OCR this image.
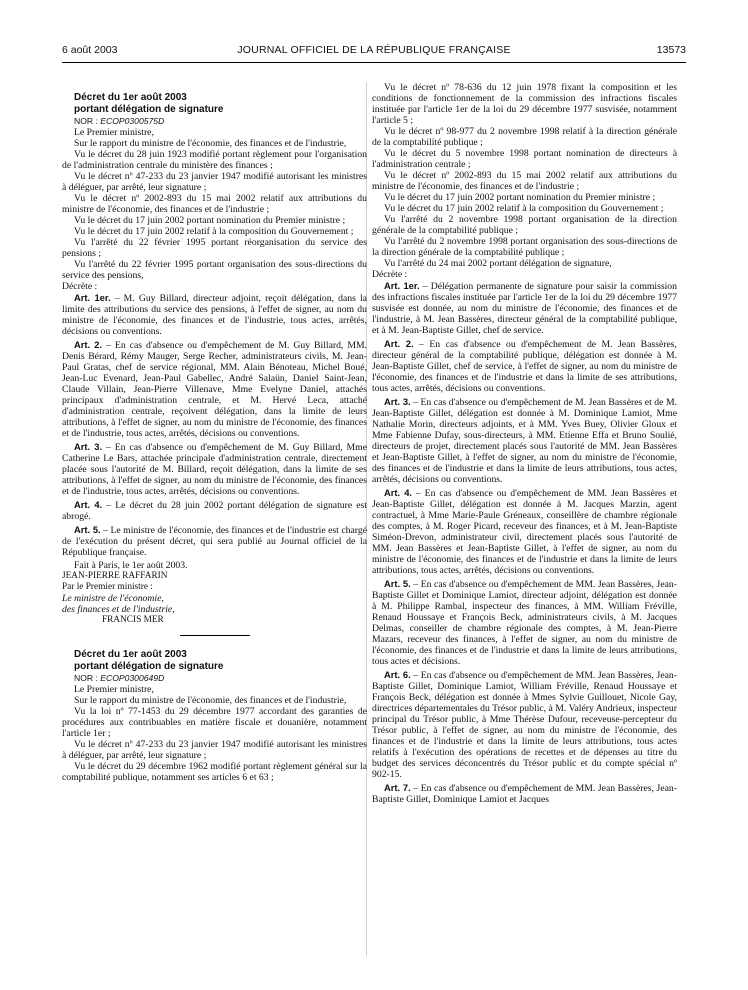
6 août 2003	JOURNAL OFFICIEL DE LA RÉPUBLIQUE FRANÇAISE	13573

Décret du 1er août 2003

portant délégation de signature

NOR : ECOP0300575D

Le Premier ministre,

Sur le rapport du ministre de l'économie, des finances et de l'industrie,

Vu le décret du 28 juin 1923 modifié portant règlement pour l'organisation de l'administration centrale du ministère des finances ;

Vu le décret nº 47-233 du 23 janvier 1947 modifié autorisant les ministres à déléguer, par arrêté, leur signature ;

Vu le décret nº 2002-893 du 15 mai 2002 relatif aux attributions du ministre de l'économie, des finances et de l'industrie ;

Vu le décret du 17 juin 2002 portant nomination du Premier ministre ;

Vu le décret du 17 juin 2002 relatif à la composition du Gouvernement ;

Vu l'arrêté du 22 février 1995 portant réorganisation du service des pensions ;

Vu l'arrêté du 22 février 1995 portant organisation des sous-directions du service des pensions,

Décrète :

Art. 1er. – M. Guy Billard, directeur adjoint, reçoit délégation, dans la limite des attributions du service des pensions, à l'effet de signer, au nom du ministre de l'économie, des finances et de l'industrie, tous actes, arrêtés, décisions ou conventions.

Art. 2. – En cas d'absence ou d'empêchement de M. Guy Billard, MM. Denis Bérard, Rémy Mauger, Serge Recher, administrateurs civils, M. Jean-Paul Gratas, chef de service régional, MM. Alain Bénoteau, Michel Boué, Jean-Luc Evenard, Jean-Paul Gabellec, André Salaün, Daniel Saint-Jean, Claude Villain, Jean-Pierre Villenave, Mme Evelyne Daniel, attachés principaux d'administration centrale, et M. Hervé Leca, attaché d'administration centrale, reçoivent délégation, dans la limite de leurs attributions, à l'effet de signer, au nom du ministre de l'économie, des finances et de l'industrie, tous actes, arrêtés, décisions ou conventions.

Art. 3. – En cas d'absence ou d'empêchement de M. Guy Billard, Mme Catherine Le Bars, attachée principale d'administration centrale, directement placée sous l'autorité de M. Billard, reçoit délégation, dans la limite de ses attributions, à l'effet de signer, au nom du ministre de l'économie, des finances et de l'industrie, tous actes, arrêtés, décisions ou conventions.

Art. 4. – Le décret du 28 juin 2002 portant délégation de signature est abrogé.

Art. 5. – Le ministre de l'économie, des finances et de l'industrie est chargé de l'exécution du présent décret, qui sera publié au Journal officiel de la République française.

Fait à Paris, le 1er août 2003.

JEAN-PIERRE RAFFARIN

Par le Premier ministre :

Le ministre de l'économie,

des finances et de l'industrie,

FRANCIS MER

Décret du 1er août 2003

portant délégation de signature

NOR : ECOP0300649D

Le Premier ministre,

Sur le rapport du ministre de l'économie, des finances et de l'industrie,

Vu la loi nº 77-1453 du 29 décembre 1977 accordant des garanties de procédures aux contribuables en matière fiscale et douanière, notamment l'article 1er ;

Vu le décret nº 47-233 du 23 janvier 1947 modifié autorisant les ministres à déléguer, par arrêté, leur signature ;

Vu le décret du 29 décembre 1962 modifié portant règlement général sur la comptabilité publique, notamment ses articles 6 et 63 ;

Vu le décret nº 78-636 du 12 juin 1978 fixant la composition et les conditions de fonctionnement de la commission des infractions fiscales instituée par l'article 1er de la loi du 29 décembre 1977 susvisée, notamment l'article 5 ;

Vu le décret nº 98-977 du 2 novembre 1998 relatif à la direction générale de la comptabilité publique ;

Vu le décret du 5 novembre 1998 portant nomination de directeurs à l'administration centrale ;

Vu le décret nº 2002-893 du 15 mai 2002 relatif aux attributions du ministre de l'économie, des finances et de l'industrie ;

Vu le décret du 17 juin 2002 portant nomination du Premier ministre ;

Vu le décret du 17 juin 2002 relatif à la composition du Gouvernement ;

Vu l'arrêté du 2 novembre 1998 portant organisation de la direction générale de la comptabilité publique ;

Vu l'arrêté du 2 novembre 1998 portant organisation des sous-directions de la direction générale de la comptabilité publique ;

Vu l'arrêté du 24 mai 2002 portant délégation de signature,

Décrète :

Art. 1er. – Délégation permanente de signature pour saisir la commission des infractions fiscales instituée par l'article 1er de la loi du 29 décembre 1977 susvisée est donnée, au nom du ministre de l'économie, des finances et de l'industrie, à M. Jean Bassères, directeur général de la comptabilité publique, et à M. Jean-Baptiste Gillet, chef de service.

Art. 2. – En cas d'absence ou d'empêchement de M. Jean Bassères, directeur général de la comptabilité publique, délégation est donnée à M. Jean-Baptiste Gillet, chef de service, à l'effet de signer, au nom du ministre de l'économie, des finances et de l'industrie et dans la limite de ses attributions, tous actes, arrêtés, décisions ou conventions.

Art. 3. – En cas d'absence ou d'empêchement de M. Jean Bassères et de M. Jean-Baptiste Gillet, délégation est donnée à M. Dominique Lamiot, Mme Nathalie Morin, directeurs adjoints, et à MM. Yves Buey, Olivier Gloux et Mme Fabienne Dufay, sous-directeurs, à MM. Etienne Effa et Bruno Soulié, directeurs de projet, directement placés sous l'autorité de MM. Jean Bassères et Jean-Baptiste Gillet, à l'effet de signer, au nom du ministre de l'économie, des finances et de l'industrie et dans la limite de leurs attributions, tous actes, arrêtés, décisions ou conventions.

Art. 4. – En cas d'absence ou d'empêchement de MM. Jean Bassères et Jean-Baptiste Gillet, délégation est donnée à M. Jacques Marzin, agent contractuel, à Mme Marie-Paule Gréneaux, conseillère de chambre régionale des comptes, à M. Roger Picard, receveur des finances, et à M. Jean-Baptiste Siméon-Drevon, administrateur civil, directement placés sous l'autorité de MM. Jean Bassères et Jean-Baptiste Gillet, à l'effet de signer, au nom du ministre de l'économie, des finances et de l'industrie et dans la limite de leurs attributions, tous actes, arrêtés, décisions ou conventions.

Art. 5. – En cas d'absence ou d'empêchement de MM. Jean Bassères, Jean-Baptiste Gillet et Dominique Lamiot, directeur adjoint, délégation est donnée à M. Philippe Rambal, inspecteur des finances, à MM. William Fréville, Renaud Houssaye et François Beck, administrateurs civils, à M. Jacques Delmas, conseiller de chambre régionale des comptes, à M. Jean-Pierre Mazars, receveur des finances, à l'effet de signer, au nom du ministre de l'économie, des finances et de l'industrie et dans la limite de leurs attributions, tous actes et décisions.

Art. 6. – En cas d'absence ou d'empêchement de MM. Jean Bassères, Jean-Baptiste Gillet, Dominique Lamiot, William Fréville, Renaud Houssaye et François Beck, délégation est donnée à Mmes Sylvie Guillouet, Nicole Gay, directrices départementales du Trésor public, à M. Valéry Andrieux, inspecteur principal du Trésor public, à Mme Thérèse Dufour, receveuse-percepteur du Trésor public, à l'effet de signer, au nom du ministre de l'économie, des finances et de l'industrie et dans la limite de leurs attributions, tous actes relatifs à l'exécution des opérations de recettes et de dépenses au titre du budget des services déconcentrés du Trésor public et du compte spécial nº 902-15.

Art. 7. – En cas d'absence ou d'empêchement de MM. Jean Bassères, Jean-Baptiste Gillet, Dominique Lamiot et Jacques
